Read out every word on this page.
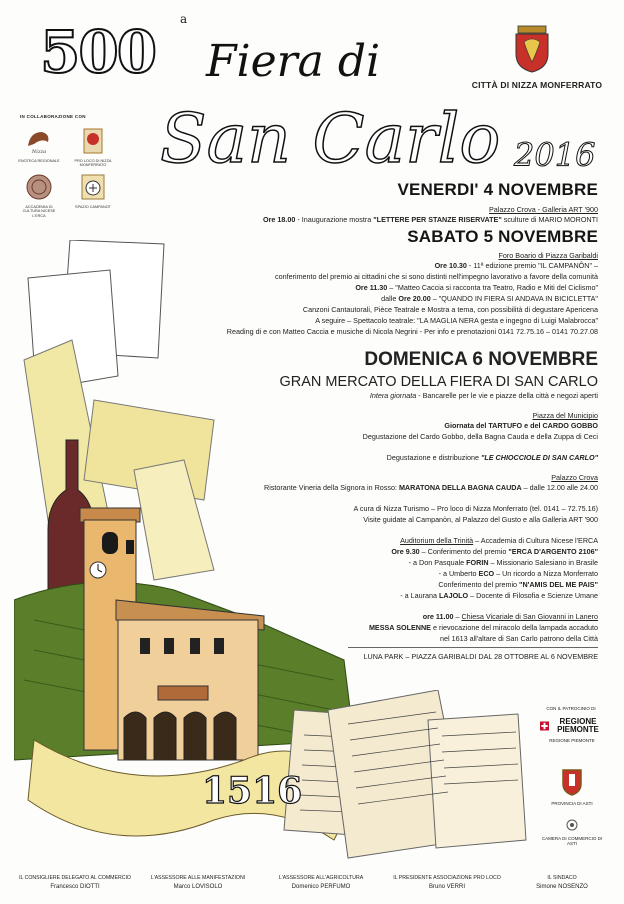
500 a
Fiera di
San Carlo 2016
CITTÀ DI NIZZA MONFERRATO
IN COLLABORAZIONE CON
Nizza
ENOTECA REGIONALE	PRO LOCO DI NIZZA MONFERRATO
ACCADEMIA DI CULTURA NICESE L'ERCA
SPAZIO CAMPANOT
1516
VENERDI' 4 NOVEMBRE
Palazzo Crova - Galleria ART '900
Ore 18.00 - Inaugurazione mostra "LETTERE PER STANZE RISERVATE" sculture di MARIO MORONTI
SABATO 5 NOVEMBRE
Foro Boario di Piazza Garibaldi
Ore 10.30 - 11ª edizione premio "IL CAMPANÔN" –
conferimento del premio ai cittadini che si sono distinti nell'impegno lavorativo a favore della comunità
Ore 11.30 – "Matteo Caccia si racconta tra Teatro, Radio e Miti del Ciclismo"
dalle Ore 20.00 – "QUANDO IN FIERA SI ANDAVA IN BICICLETTA"
Canzoni Cantautorali, Pièce Teatrale e Mostra a tema, con possibilità di degustare Apericena
A seguire – Spettacolo teatrale: "LA MAGLIA NERA gesta e ingegno di Luigi Malabrocca"
Reading di e con Matteo Caccia e musiche di Nicola Negrini - Per info e prenotazioni 0141 72.75.16 – 0141 70.27.08
DOMENICA 6 NOVEMBRE
GRAN MERCATO DELLA FIERA DI SAN CARLO
Intera giornata - Bancarelle per le vie e piazze della città e negozi aperti
Piazza del Municipio
Giornata del TARTUFO e del CARDO GOBBO
Degustazione del Cardo Gobbo, della Bagna Cauda e della Zuppa di Ceci
Degustazione e distribuzione "LE CHIOCCIOLE DI SAN CARLO"
Palazzo Crova
Ristorante Vineria della Signora in Rosso: MARATONA DELLA BAGNA CAUDA – dalle 12.00 alle 24.00
A cura di Nizza Turismo – Pro loco di Nizza Monferrato (tel. 0141 – 72.75.16)
Visite guidate al Campanòn, al Palazzo del Gusto e alla Galleria ART '900
Auditorium della Trinità – Accademia di Cultura Nicese l'ERCA
Ore 9.30 – Conferimento del premio "ERCA D'ARGENTO 2106"
- a Don Pasquale FORIN – Missionario Salesiano in Brasile
- a Umberto ECO – Un ricordo a Nizza Monferrato
Conferimento del premio "N'AMIS DEL ME PAIS"
- a Laurana LAJOLO – Docente di Filosofia e Scienze Umane
ore 11.00 – Chiesa Vicariale di San Giovanni in Lanero
MESSA SOLENNE e rievocazione del miracolo della lampada accaduto
nel 1613 all'altare di San Carlo patrono della Città
LUNA PARK – PIAZZA GARIBALDI DAL 28 OTTOBRE AL 6 NOVEMBRE
CON IL PATROCINIO DI
REGIONE PIEMONTE
REGIONE PIEMONTE
PROVINCIA DI ASTI
CAMERA DI COMMERCIO DI ASTI
IL CONSIGLIERE DELEGATO AL COMMERCIO
Francesco DIOTTI
L'ASSESSORE ALLE MANIFESTAZIONI
Marco LOVISOLO
L'ASSESSORE ALL'AGRICOLTURA
Domenico PERFUMO
IL PRESIDENTE ASSOCIAZIONE PRO LOCO
Bruno VERRI
IL SINDACO
Simone NOSENZO
